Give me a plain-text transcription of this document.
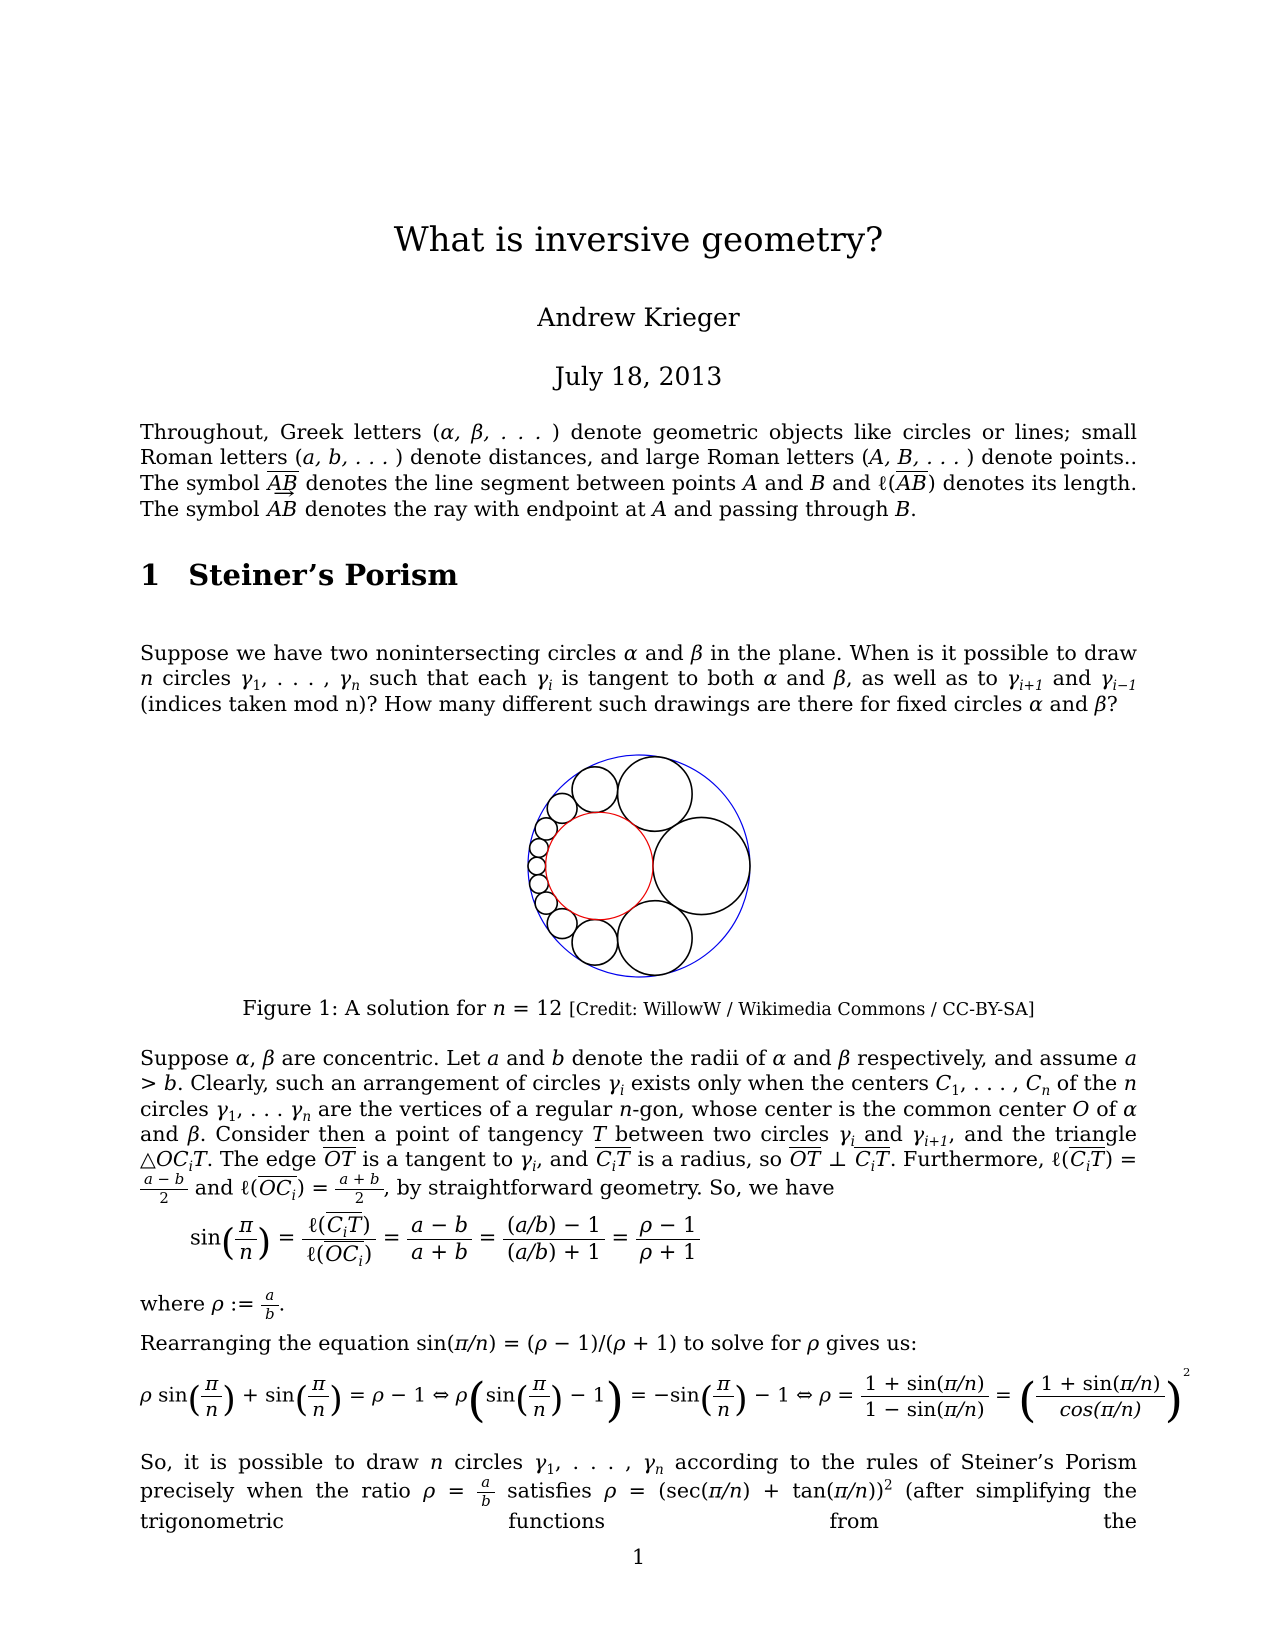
What is inversive geometry?
Andrew Krieger
July 18, 2013
Throughout, Greek letters (α, β, . . . ) denote geometric objects like circles or lines; small Roman letters (a, b, . . . ) denote distances, and large Roman letters (A, B, . . . ) denote points.. The symbol AB denotes the line segment between points A and B and ℓ(AB) denotes its length. The symbol → AB denotes the ray with endpoint at A and passing through B.
1 Steiner’s Porism
Suppose we have two nonintersecting circles α and β in the plane. When is it possible to draw n circles $\gamma_1$, . . . , $\gamma_n$ such that each $\gamma_i$ is tangent to both α and β, as well as to $\gamma_{i+1}$ and $\gamma_{i-1}$ (indices taken mod n)? How many different such drawings are there for fixed circles α and β?
Figure 1: A solution for n = 12 [Credit: WillowW / Wikimedia Commons / CC-BY-SA]
Suppose α, β are concentric. Let a and b denote the radii of α and β respectively, and assume a > b. Clearly, such an arrangement of circles $\gamma_i$ exists only when the centers $C_1$, . . . , $C_n$ of the n circles $\gamma_1$, . . . $\gamma_n$ are the vertices of a regular n-gon, whose center is the common center O of α and β. Consider then a point of tangency T between two circles $\gamma_i$ and $\gamma_{i+1}$, and the triangle $\triangle OC_iT$. The edge OT is a tangent to $\gamma_i$, and $C_iT$ is a radius, so OT ⊥ $C_iT$. Furthermore, $\ell(C_iT)$ =
$\frac{a - b}{2}$ and $\ell(OC_i) = \frac{a + b}{2}$ , by straightforward geometry. So, we have
$\sin( \frac{\pi}{n}$ ) = $\frac{\ell(C_iT)}{\ell(OC_i)} = \frac{a - b}{a + b} = \frac{(a/b) - 1}{(a/b) + 1} = \frac{\rho - 1}{\rho + 1}$
where ρ := $\frac{a}{b}$ .
Rearranging the equation sin(π/n) = (ρ − 1)/(ρ + 1) to solve for ρ gives us:
ρ $\sin( \frac{\pi}{n}$ ) + $\sin( \frac{\pi}{n}$ ) = ρ − 1 ⇔ $\rho(\sin( \frac{\pi}{n}$ ) − $1) = -\sin( \frac{\pi}{n}$ ) − 1 ⇔ $\rho = \frac{1 + \sin(\pi/n)}{1 - \sin(\pi/n)}$ = ( $\frac{1 + \sin(\pi/n)}{\cos(\pi/n)} )^2$
So, it is possible to draw n circles $\gamma_1$, . . . , $\gamma_n$ according to the rules of Steiner’s Porism precisely when the ratio $\rho = \frac{a}{b}$ satisfies $\rho = (\sec(\pi/n) + \tan(\pi/n))^2$ (after simplifying the trigonometric functions from the
1
